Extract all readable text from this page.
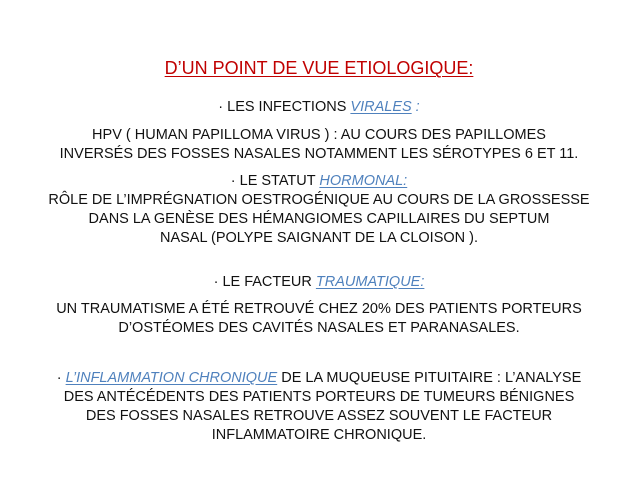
D’UN POINT DE VUE ETIOLOGIQUE:
· LES INFECTIONS VIRALES :
HPV ( HUMAN PAPILLOMA VIRUS ) : AU COURS DES PAPILLOMES
INVERSÉS DES FOSSES NASALES NOTAMMENT LES SÉROTYPES 6 ET 11.
· LE STATUT HORMONAL:
RÔLE DE L’IMPRÉGNATION OESTROGÉNIQUE AU COURS DE LA GROSSESSE
DANS LA GENÈSE DES HÉMANGIOMES CAPILLAIRES DU SEPTUM
NASAL (POLYPE SAIGNANT DE LA CLOISON ).
· LE FACTEUR TRAUMATIQUE:
UN TRAUMATISME A ÉTÉ RETROUVÉ CHEZ 20% DES PATIENTS PORTEURS
D’OSTÉOMES DES CAVITÉS NASALES ET PARANASALES.
· L’INFLAMMATION CHRONIQUE DE LA MUQUEUSE PITUITAIRE : L’ANALYSE
DES ANTÉCÉDENTS DES PATIENTS PORTEURS DE TUMEURS BÉNIGNES
DES FOSSES NASALES RETROUVE ASSEZ SOUVENT LE FACTEUR
INFLAMMATOIRE CHRONIQUE.
